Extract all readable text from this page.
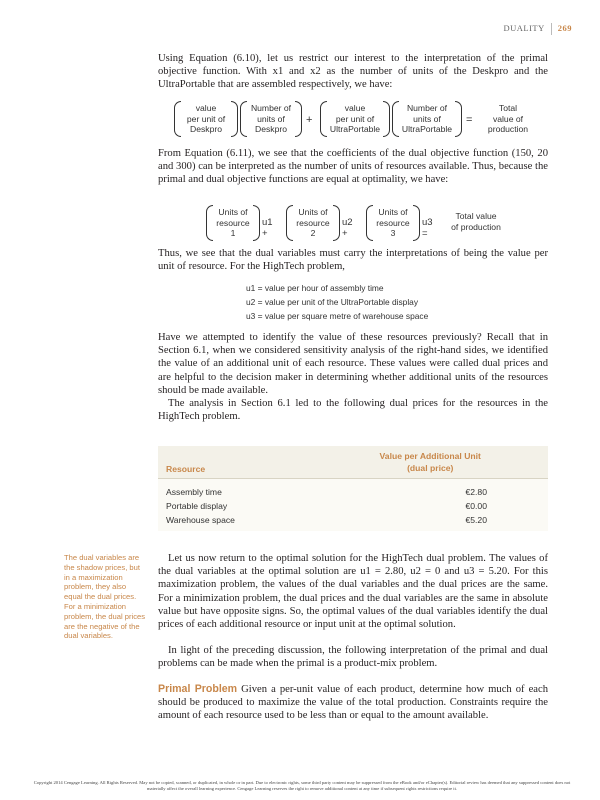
DUALITY 269

Using Equation (6.10), let us restrict our interest to the interpretation of the primal objective function. With x1 and x2 as the number of units of the Deskpro and the UltraPortable that are assembled respectively, we have:

value
per unit of
Deskpro
Number of
units of
Deskpro
+
value
per unit of
UltraPortable
Number of
units of
UltraPortable
=
Total
value of
production

From Equation (6.11), we see that the coefficients of the dual objective function (150, 20 and 300) can be interpreted as the number of units of resources available. Thus, because the primal and dual objective functions are equal at optimality, we have:

Units of
resource
1
u1 +
Units of
resource
2
u2 +
Units of
resource
3
u3 =
Total value
of production

Thus, we see that the dual variables must carry the interpretations of being the value per unit of resource. For the HighTech problem,

u1 = value per hour of assembly time
u2 = value per unit of the UltraPortable display
u3 = value per square metre of warehouse space

Have we attempted to identify the value of these resources previously? Recall that in Section 6.1, when we considered sensitivity analysis of the right-hand sides, we identified the value of an additional unit of each resource. These values were called dual prices and are helpful to the decision maker in determining whether additional units of the resources should be made available.

The analysis in Section 6.1 led to the following dual prices for the resources in the HighTech problem.

Resource	Value per Additional Unit
(dual price)

Assembly time	€2.80
Portable display	€0.00
Warehouse space	€5.20
The dual variables are the shadow prices, but in a maximization problem, they also equal the dual prices. For a minimization problem, the dual prices are the negative of the dual variables.

Let us now return to the optimal solution for the HighTech dual problem. The values of the dual variables at the optimal solution are u1 = 2.80, u2 = 0 and u3 = 5.20. For this maximization problem, the values of the dual variables and the dual prices are the same. For a minimization problem, the dual prices and the dual variables are the same in absolute value but have opposite signs. So, the optimal values of the dual variables identify the dual prices of each additional resource or input unit at the optimal solution.

In light of the preceding discussion, the following interpretation of the primal and dual problems can be made when the primal is a product-mix problem.

Primal Problem Given a per-unit value of each product, determine how much of each should be produced to maximize the value of the total production. Constraints require the amount of each resource used to be less than or equal to the amount available.

Copyright 2014 Cengage Learning. All Rights Reserved. May not be copied, scanned, or duplicated, in whole or in part. Due to electronic rights, some third party content may be suppressed from the eBook and/or eChapter(s). Editorial review has deemed that any suppressed content does not materially affect the overall learning experience. Cengage Learning reserves the right to remove additional content at any time if subsequent rights restrictions require it.
